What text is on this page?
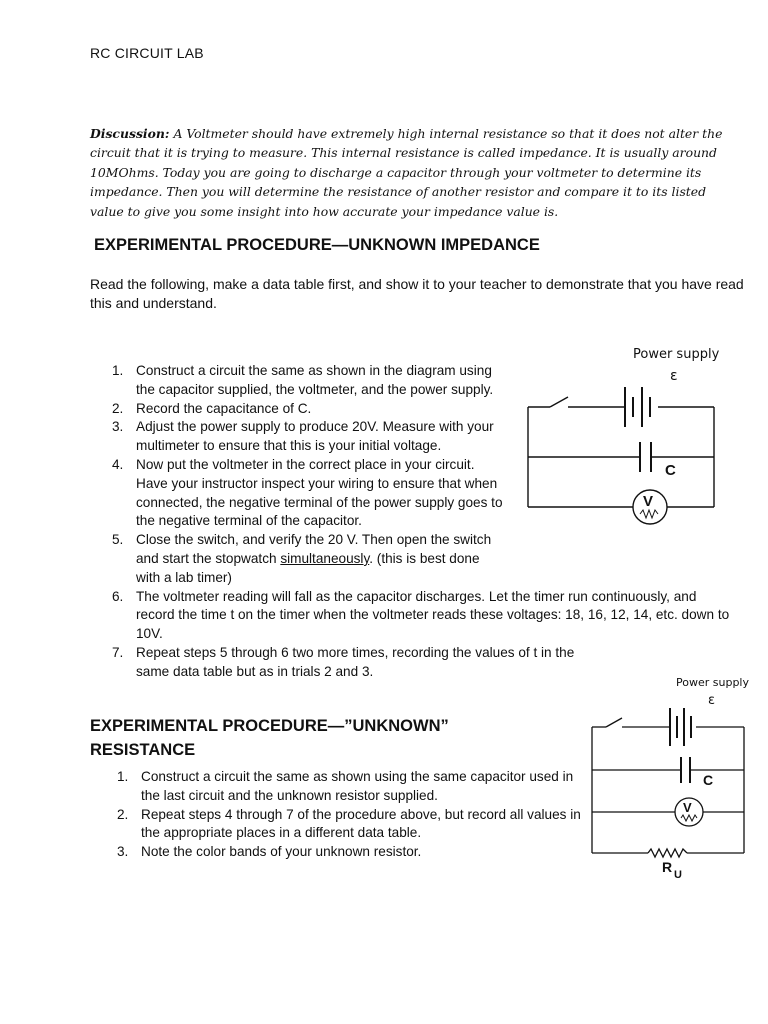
RC CIRCUIT LAB
Discussion: A Voltmeter should have extremely high internal resistance so that it does not alter the circuit that it is trying to measure. This internal resistance is called impedance. It is usually around 10MOhms. Today you are going to discharge a capacitor through your voltmeter to determine its impedance. Then you will determine the resistance of another resistor and compare it to its listed value to give you some insight into how accurate your impedance value is.
EXPERIMENTAL PROCEDURE—UNKNOWN IMPEDANCE

Read the following, make a data table first, and show it to your teacher to demonstrate that you have read this and understand.

1. Construct a circuit the same as shown in the diagram using the capacitor supplied, the voltmeter, and the power supply.
2. Record the capacitance of C.
3. Adjust the power supply to produce 20V. Measure with your multimeter to ensure that this is your initial voltage.
4. Now put the voltmeter in the correct place in your circuit. Have your instructor inspect your wiring to ensure that when connected, the negative terminal of the power supply goes to the negative terminal of the capacitor.
5. Close the switch, and verify the 20 V. Then open the switch and start the stopwatch simultaneously. (this is best done with a lab timer)
6. The voltmeter reading will fall as the capacitor discharges. Let the timer run continuously, and record the time t on the timer when the voltmeter reads these voltages: 18, 16, 12, 14, etc. down to 10V.
7. Repeat steps 5 through 6 two more times, recording the values of t in the same data table but as in trials 2 and 3.
EXPERIMENTAL PROCEDURE—”UNKNOWN” RESISTANCE
1. Construct a circuit the same as shown using the same capacitor used in the last circuit and the unknown resistor supplied.
2. Repeat steps 4 through 7 of the procedure above, but record all values in the appropriate places in a different data table.
3. Note the color bands of your unknown resistor.
Power supply
ε
C
V
Power supply
ε
C
V
R U
